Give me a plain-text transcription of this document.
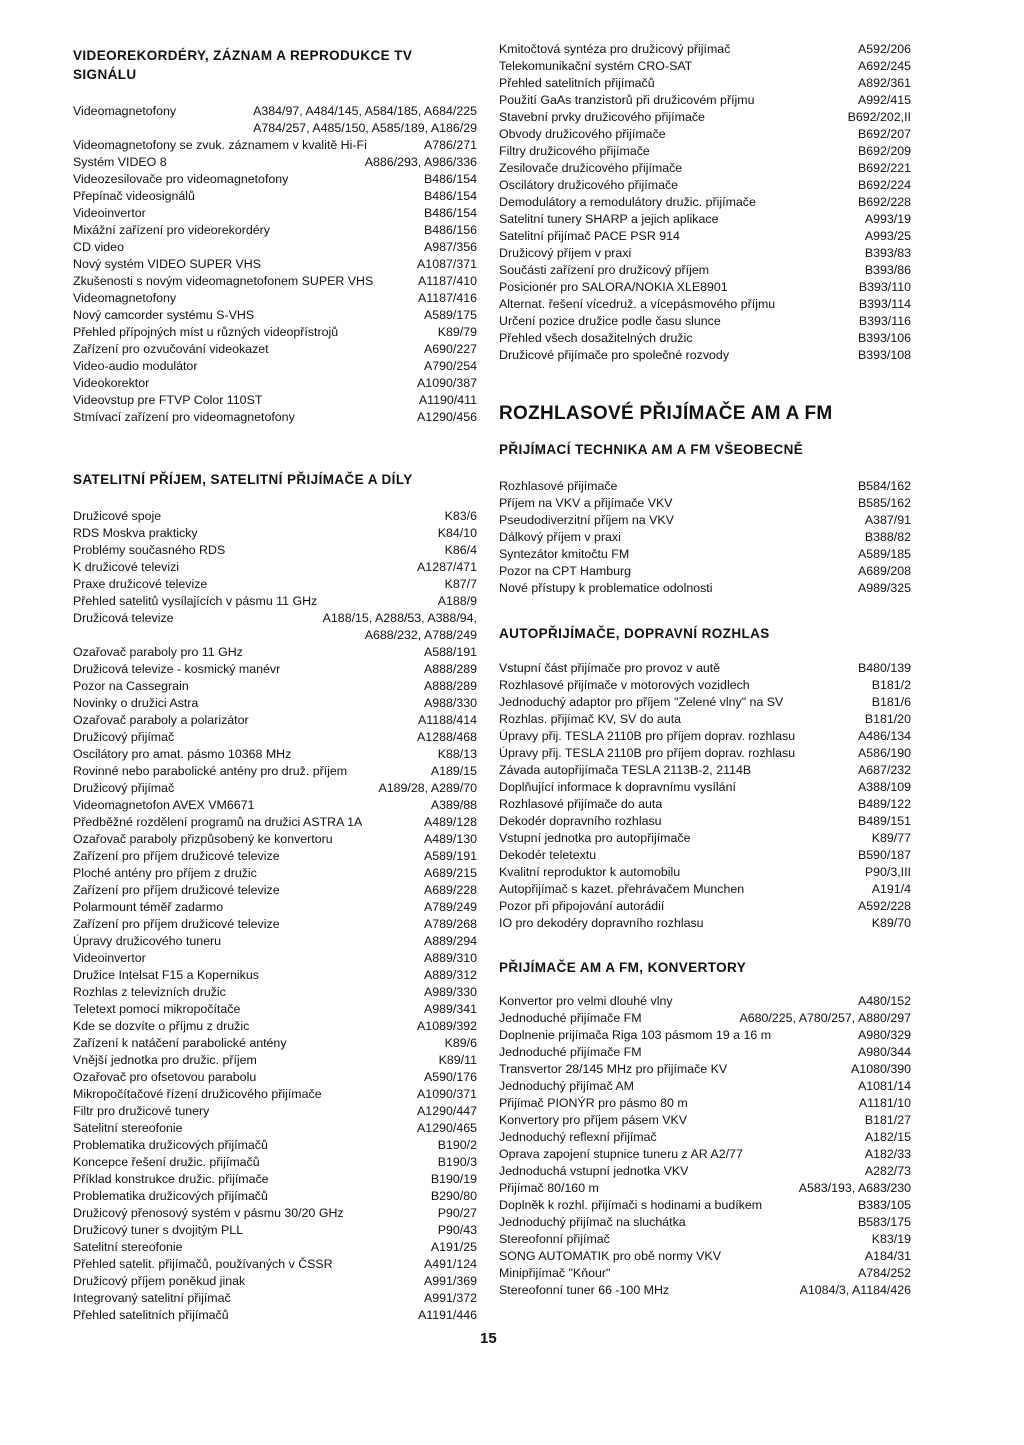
VIDEOREKORDÉRY, ZÁZNAM A REPRODUKCE TV
SIGNÁLU
Videomagnetofony	A384/97, A484/145, A584/185, A684/225
A784/257, A485/150, A585/189, A186/29
Videomagnetofony se zvuk. záznamem v kvalitě Hi-Fi	A786/271
Systém VIDEO 8	A886/293, A986/336
Videozesilovače pro videomagnetofony	B486/154
Přepínač videosignálů	B486/154
Videoinvertor	B486/154
Mixážní zařízení pro videorekordéry	B486/156
CD video	A987/356
Nový systém VIDEO SUPER VHS	A1087/371
Zkušenosti s novým videomagnetofonem SUPER VHS	A1187/410
Videomagnetofony	A1187/416
Nový camcorder systému S-VHS	A589/175
Přehled přípojných míst u různých videopřístrojů	K89/79
Zařízení pro ozvučování videokazet	A690/227
Video-audio modulátor	A790/254
Videokorektor	A1090/387
Videovstup pre FTVP Color 110ST	A1190/411
Stmívací zařízení pro videomagnetofony	A1290/456
SATELITNÍ PŘÍJEM, SATELITNÍ PŘIJÍMAČE A DÍLY
Družicové spoje	K83/6
RDS Moskva prakticky	K84/10
Problémy současného RDS	K86/4
K družicové televizi	A1287/471
Praxe družicové televize	K87/7
Přehled satelitů vysílajících v pásmu 11 GHz	A188/9
Družicová televize	A188/15, A288/53, A388/94,
A688/232, A788/249
Ozařovač paraboly pro 11 GHz	A588/191
Družicová televize - kosmický manévr	A888/289
Pozor na Cassegrain	A888/289
Novinky o družici Astra	A988/330
Ozařovač paraboly a polarizátor	A1188/414
Družicový přijímač	A1288/468
Oscilátory pro amat. pásmo 10368 MHz	K88/13
Rovinné nebo parabolické antény pro druž. příjem	A189/15
Družicový přijímač	A189/28, A289/70
Videomagnetofon AVEX VM6671	A389/88
Předběžné rozdělení programů na družici ASTRA 1A	A489/128
Ozařovač paraboly přizpůsobený ke konvertoru	A489/130
Zařízení pro příjem družicové televize	A589/191
Ploché antény pro příjem z družic	A689/215
Zařízení pro příjem družicové televize	A689/228
Polarmount téměř zadarmo	A789/249
Zařízení pro příjem družicové televize	A789/268
Úpravy družicového tuneru	A889/294
Videoinvertor	A889/310
Družice Intelsat F15 a Kopernikus	A889/312
Rozhlas z televizních družic	A989/330
Teletext pomocí mikropočítače	A989/341
Kde se dozvíte o příjmu z družic	A1089/392
Zařízení k natáčení parabolické antény	K89/6
Vnější jednotka pro družic. příjem	K89/11
Ozařovač pro ofsetovou parabolu	A590/176
Mikropočítačové řízení družicového přijímače	A1090/371
Filtr pro družicové tunery	A1290/447
Satelitní stereofonie	A1290/465
Problematika družicových přijímačů	B190/2
Koncepce řešení družic. přijímačů	B190/3
Příklad konstrukce družic. přijímače	B190/19
Problematika družicových přijímačů	B290/80
Družicový přenosový systém v pásmu 30/20 GHz	P90/27
Družicový tuner s dvojitým PLL	P90/43
Satelitní stereofonie	A191/25
Přehled satelit. přijímačů, používaných v ČSSR	A491/124
Družicový příjem poněkud jinak	A991/369
Integrovaný satelitní přijímač	A991/372
Přehled satelitních přijímačů	A1191/446
Kmitočtová syntéza pro družicový přijímač	A592/206
Telekomunikační systém CRO-SAT	A692/245
Přehled satelitních přijímačů	A892/361
Použití GaAs tranzistorů při družicovém příjmu	A992/415
Stavební prvky družicového přijímače	B692/202,II
Obvody družicového přijímače	B692/207
Filtry družicového přijímače	B692/209
Zesilovače družicového přijímače	B692/221
Oscilátory družicového přijímače	B692/224
Demodulátory a remodulátory družic. přijímače	B692/228
Satelitní tunery SHARP a jejich aplikace	A993/19
Satelitní přijímač PACE PSR 914	A993/25
Družicový příjem v praxi	B393/83
Součásti zařízení pro družicový příjem	B393/86
Posicionér pro SALORA/NOKIA XLE8901	B393/110
Alternat. řešení vícedruž. a vícepásmového příjmu	B393/114
Určení pozice družice podle času slunce	B393/116
Přehled všech dosažitelných družic	B393/106
Družicové přijímače pro společné rozvody	B393/108
ROZHLASOVÉ PŘIJÍMAČE AM A FM
PŘIJÍMACÍ TECHNIKA AM A FM VŠEOBECNĚ
Rozhlasové přijímače	B584/162
Příjem na VKV a přijímače VKV	B585/162
Pseudodiverzitní příjem na VKV	A387/91
Dálkový příjem v praxi	B388/82
Syntezátor kmitočtu FM	A589/185
Pozor na CPT Hamburg	A689/208
Nové přístupy k problematice odolnosti	A989/325
AUTOPŘIJÍMAČE, DOPRAVNÍ ROZHLAS
Vstupní část přijímače pro provoz v autě	B480/139
Rozhlasové přijímače v motorových vozidlech	B181/2
Jednoduchý adaptor pro příjem "Zelené vlny" na SV	B181/6
Rozhlas. přijímač KV, SV do auta	B181/20
Úpravy přij. TESLA 2110B pro příjem doprav. rozhlasu	A486/134
Úpravy přij. TESLA 2110B pro příjem doprav. rozhlasu	A586/190
Závada autopřijímača TESLA 2113B-2, 2114B	A687/232
Doplňující informace k dopravnímu vysílání	A388/109
Rozhlasové přijímače do auta	B489/122
Dekodér dopravního rozhlasu	B489/151
Vstupní jednotka pro autopřijímače	K89/77
Dekodér teletextu	B590/187
Kvalitní reproduktor k automobilu	P90/3,III
Autopřijímač s kazet. přehrávačem Munchen	A191/4
Pozor při připojování autorádií	A592/228
IO pro dekodéry dopravního rozhlasu	K89/70
PŘIJÍMAČE AM A FM, KONVERTORY
Konvertor pro velmi dlouhé vlny	A480/152
Jednoduché přijímače FM	A680/225, A780/257, A880/297
Doplnenie prijímača Riga 103 pásmom 19 a 16 m	A980/329
Jednoduché přijímače FM	A980/344
Transvertor 28/145 MHz pro přijímače KV	A1080/390
Jednoduchý přijímač AM	A1081/14
Přijímač PIONÝR pro pásmo 80 m	A1181/10
Konvertory pro příjem pásem VKV	B181/27
Jednoduchý reflexní přijímač	A182/15
Oprava zapojení stupnice tuneru z AR A2/77	A182/33
Jednoduchá vstupní jednotka VKV	A282/73
Přijímač 80/160 m	A583/193, A683/230
Doplněk k rozhl. přijímači s hodinami a budíkem	B383/105
Jednoduchý přijímač na sluchátka	B583/175
Stereofonní přijímač	K83/19
SONG AUTOMATIK pro obě normy VKV	A184/31
Minipřijímač "Kňour"	A784/252
Stereofonní tuner 66 -100 MHz	A1084/3, A1184/426
15
